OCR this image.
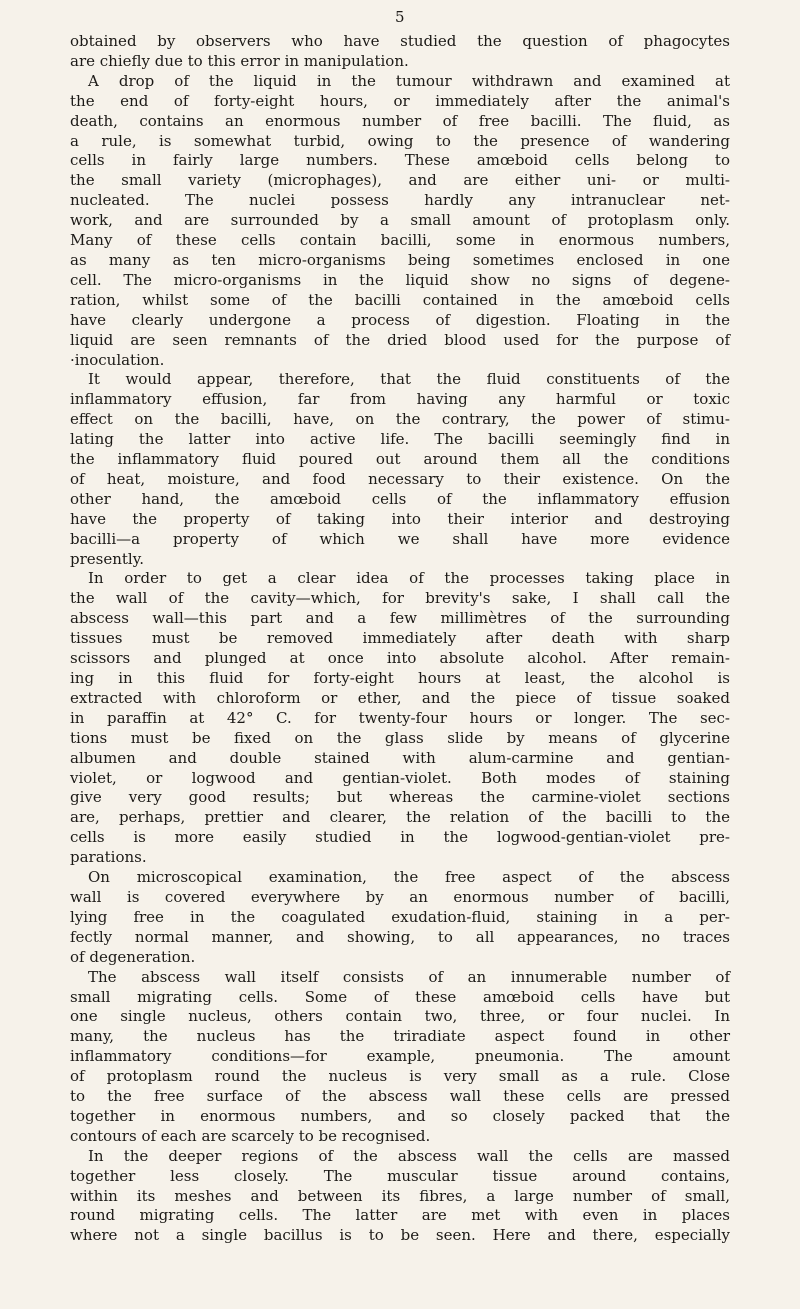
5
obtained by observers who have studied the question of phagocytes
are chiefly due to this error in manipulation.
A drop of the liquid in the tumour withdrawn and examined at
the end of forty-eight hours, or immediately after the animal's
death, contains an enormous number of free bacilli. The fluid, as
a rule, is somewhat turbid, owing to the presence of wandering
cells in fairly large numbers. These amœboid cells belong to
the small variety (microphages), and are either uni- or multi-
nucleated. The nuclei possess hardly any intranuclear net-
work, and are surrounded by a small amount of protoplasm only.
Many of these cells contain bacilli, some in enormous numbers,
as many as ten micro-organisms being sometimes enclosed in one
cell. The micro-organisms in the liquid show no signs of degene-
ration, whilst some of the bacilli contained in the amœboid cells
have clearly undergone a process of digestion. Floating in the
liquid are seen remnants of the dried blood used for the purpose of
·inoculation.
It would appear, therefore, that the fluid constituents of the
inflammatory effusion, far from having any harmful or toxic
effect on the bacilli, have, on the contrary, the power of stimu-
lating the latter into active life. The bacilli seemingly find in
the inflammatory fluid poured out around them all the conditions
of heat, moisture, and food necessary to their existence. On the
other hand, the amœboid cells of the inflammatory effusion
have the property of taking into their interior and destroying
bacilli—a property of which we shall have more evidence
presently.
In order to get a clear idea of the processes taking place in
the wall of the cavity—which, for brevity's sake, I shall call the
abscess wall—this part and a few millimètres of the surrounding
tissues must be removed immediately after death with sharp
scissors and plunged at once into absolute alcohol. After remain-
ing in this fluid for forty-eight hours at least, the alcohol is
extracted with chloroform or ether, and the piece of tissue soaked
in paraffin at 42° C. for twenty-four hours or longer. The sec-
tions must be fixed on the glass slide by means of glycerine
albumen and double stained with alum-carmine and gentian-
violet, or logwood and gentian-violet. Both modes of staining
give very good results; but whereas the carmine-violet sections
are, perhaps, prettier and clearer, the relation of the bacilli to the
cells is more easily studied in the logwood-gentian-violet pre-
parations.
On microscopical examination, the free aspect of the abscess
wall is covered everywhere by an enormous number of bacilli,
lying free in the coagulated exudation-fluid, staining in a per-
fectly normal manner, and showing, to all appearances, no traces
of degeneration.
The abscess wall itself consists of an innumerable number of
small migrating cells. Some of these amœboid cells have but
one single nucleus, others contain two, three, or four nuclei. In
many, the nucleus has the triradiate aspect found in other
inflammatory conditions—for example, pneumonia. The amount
of protoplasm round the nucleus is very small as a rule. Close
to the free surface of the abscess wall these cells are pressed
together in enormous numbers, and so closely packed that the
contours of each are scarcely to be recognised.
In the deeper regions of the abscess wall the cells are massed
together less closely. The muscular tissue around contains,
within its meshes and between its fibres, a large number of small,
round migrating cells. The latter are met with even in places
where not a single bacillus is to be seen. Here and there, especially
